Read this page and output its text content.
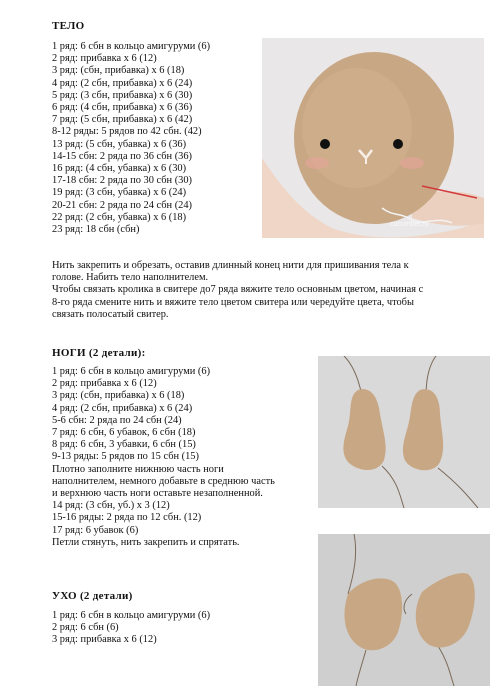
ТЕЛО
1 ряд: 6 сбн в кольцо амигуруми (6)
2 ряд: прибавка х 6 (12)
3 ряд: (сбн, прибавка) х 6 (18)
4 ряд: (2 сбн, прибавка) х 6 (24)
5 ряд: (3 сбн, прибавка) х 6 (30)
6 ряд: (4 сбн, прибавка) х 6 (36)
7 ряд: (5 сбн, прибавка) х 6 (42)
8-12 ряды: 5 рядов по 42 сбн. (42)
13 ряд: (5 сбн, убавка) х 6 (36)
14-15 сбн: 2 ряда по 36 сбн (36)
16 ряд: (4 сбн, убавка) х 6 (30)
17-18 сбн: 2 ряда по 30 сбн (30)
19 ряд: (3 сбн, убавка) х 6 (24)
20-21 сбн: 2 ряда по 24 сбн (24)
22 ряд: (2 сбн, убавка) х 6 (18)
23 ряд: 18 сбн (сбн)
Нить закрепить и обрезать, оставив длинный конец нити для пришивания тела к
голове. Набить тело наполнителем.
Чтобы связать кролика в свитере до7 ряда вяжите тело основным цветом, начиная с
8-го ряда смените нить и вяжите тело цветом свитера или чередуйте цвета, чтобы
связать полосатый свитер.
cucumber.ru
НОГИ (2 детали):
1 ряд: 6 сбн в кольцо амигуруми (6)
2 ряд: прибавка х 6 (12)
3 ряд: (сбн, прибавка) х 6 (18)
4 ряд: (2 сбн, прибавка) х 6 (24)
5-6 сбн: 2 ряда по 24 сбн (24)
7 ряд: 6 сбн, 6 убавок, 6 сбн (18)
8 ряд: 6 сбн, 3 убавки, 6 сбн (15)
9-13 ряды: 5 рядов по 15 сбн (15)
Плотно заполните нижнюю часть ноги
наполнителем, немного добавьте в среднюю часть
и верхнюю часть ноги оставьте незаполненной.
14 ряд: (3 сбн, уб.) х 3 (12)
15-16 ряды: 2 ряда по 12 сбн. (12)
17 ряд: 6 убавок (6)
Петли стянуть, нить закрепить и спрятать.
УХО (2 детали)
1 ряд: 6 сбн в кольцо амигуруми (6)
2 ряд: 6 сбн (6)
3 ряд: прибавка х 6 (12)
